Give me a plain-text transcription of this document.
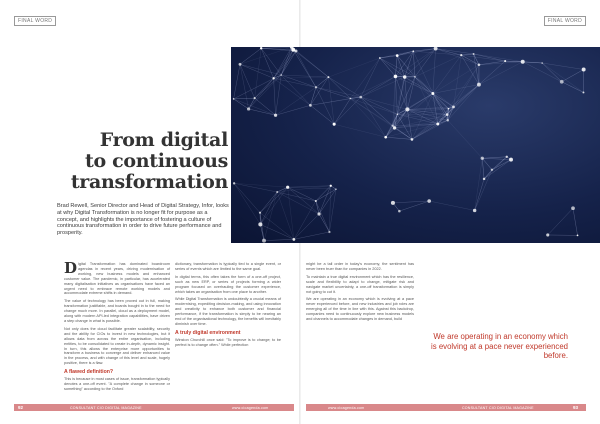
FINAL WORD	FINAL WORD
From digital
to continuous
transformation

Brad Rewell, Senior Director and Head of Digital Strategy, Infor, looks at why Digital Transformation is no longer fit for purpose as a concept, and highlights the importance of fostering a culture of continuous transformation in order to drive future performance and prosperity.

Digital Transformation has dominated boardroom agendas in recent years, driving modernisation of working, new business models and enhanced customer value. The pandemic, in particular, has accelerated many digitalisation initiatives as organisations have faced an urgent need to embrace remote working models and accommodate extreme shifts in demand.

The value of technology has been proved out in full, making transformation justifiable, and boards bought in to the need for change much more. In parallel, cloud as a deployment model, along with modern API-led integration capabilities, have driven a step change in what is possible.

Not only does the cloud facilitate greater scalability, security and the ability for CIOs to invest in new technologies, but it allows data from across the entire organisation, including entities, to be consolidated to create in-depth, dynamic insight. In turn, this allows the enterprise more opportunities to transform a business to converge and deliver enhanced value in the process, and with change of this level and scale, hugely positive, there is a flaw.

A flawed definition?

This is because in most cases of issue, transformation typically denotes a one-off event. "A complete change in someone or something" according to the Oxford

dictionary, transformation is typically tied to a single event, or series of events which are limited to the same goal.

In digital terms, this often takes the form of a one-off project, such as new ERP, or series of projects forming a wider program focused on overhauling the customer experience, which takes an organisation from one place to another.

While Digital Transformation is undoubtedly a crucial means of modernising, expediting decision-making, and using innovation and creativity to enhance both customer and financial performance, if the transformation is simply to be nearing an end of the organisational technology, the benefits will inevitably diminish over time.

A truly digital environment

Winston Churchill once said: "To improve is to change; to be perfect is to change often." While perfection

might be a tall order in today's economy, the sentiment has never been truer than for companies in 2022.

To maintain a true digital environment which has the resilience, scale and flexibility to adapt to change, mitigate risk and navigate market uncertainty, a one-off transformation is simply not going to cut it.

We are operating in an economy which is evolving at a pace never experienced before, and new industries and job roles are emerging all of the time in line with this. Against this backdrop, companies need to continuously explore new business models and channels to accommodate changes in demand, build

We are operating in an economy which is evolving at a pace never experienced before.
92	CONSULTANT CIO DIGITAL MAGAZINE	www.cioagenda.com	www.cioagenda.com	CONSULTANT CIO DIGITAL MAGAZINE	93
